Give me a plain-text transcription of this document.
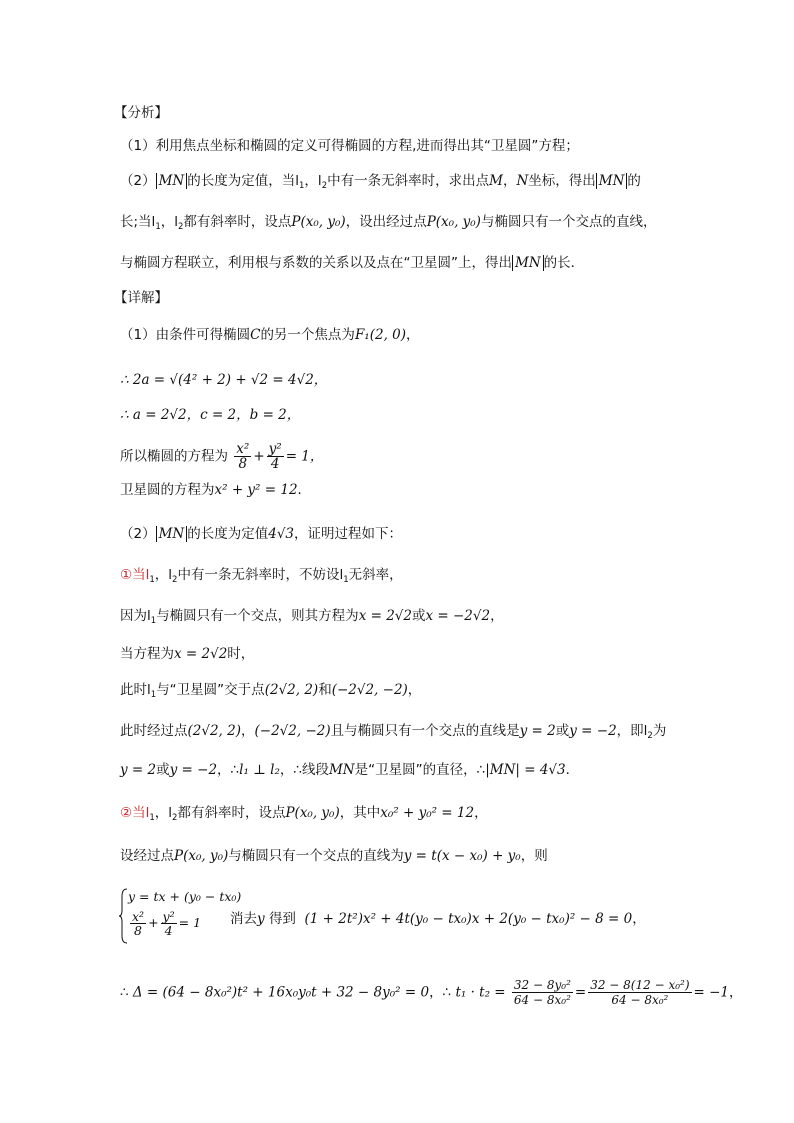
【分析】
（1）利用焦点坐标和椭圆的定义可得椭圆的方程,进而得出其“卫星圆”方程；
（2） MN 的长度为定值，当$l_1$，$l_2$中有一条无斜率时，求出点M，N坐标，得出 MN 的
长;当$l_1$，$l_2$都有斜率时，设点P(x₀, y₀)，设出经过点P(x₀, y₀)与椭圆只有一个交点的直线，
与椭圆方程联立，利用根与系数的关系以及点在“卫星圆”上，得出 MN 的长．
【详解】
（1）由条件可得椭圆C的另一个焦点为F₁(2, 0)，
∴ 2a = √(4² + 2) + √2 = 4√2，
∴ a = 2√2，c = 2，b = 2，
所以椭圆的方程为 $\frac{\text{x²}}{8} + \frac{\text{y²}}{4} = 1$，
卫星圆的方程为x² + y² = 12．
（2） MN 的长度为定值4√3，证明过程如下：
①当$l_1$，$l_2$中有一条无斜率时，不妨设$l_1$无斜率，
因为$l_1$与椭圆只有一个交点，则其方程为x = 2√2或x = −2√2，
当方程为x = 2√2时，
此时$l_1$与“卫星圆”交于点(2√2, 2)和(−2√2, −2)，
此时经过点(2√2, 2)，(−2√2, −2)且与椭圆只有一个交点的直线是y = 2或y = −2，即$l_2$为
y = 2或y = −2，∴l₁ ⊥ l₂，∴线段MN是“卫星圆”的直径，∴|MN| = 4√3．
②当$l_1$，$l_2$都有斜率时，设点P(x₀, y₀)，其中x₀² + y₀² = 12，
设经过点P(x₀, y₀)与椭圆只有一个交点的直线为y = t(x − x₀) + y₀，则
y = tx + (y₀ − tx₀)
$\frac{\text{x²}}{8} + \frac{\text{y²}}{4} = 1$	消去y 得到 (1 + 2t²)x² + 4t(y₀ − tx₀)x + 2(y₀ − tx₀)² − 8 = 0，
∴ Δ = (64 − 8x₀²)t² + 16x₀y₀t + 32 − 8y₀² = 0，∴ $t_1 \cdot t_2 = \frac{\text{32 − 8y₀²}}{\text{64 − 8x₀²}} = \frac{\text{32 − 8(12 − x₀²)}}{\text{64 − 8x₀²}} = -1$，
